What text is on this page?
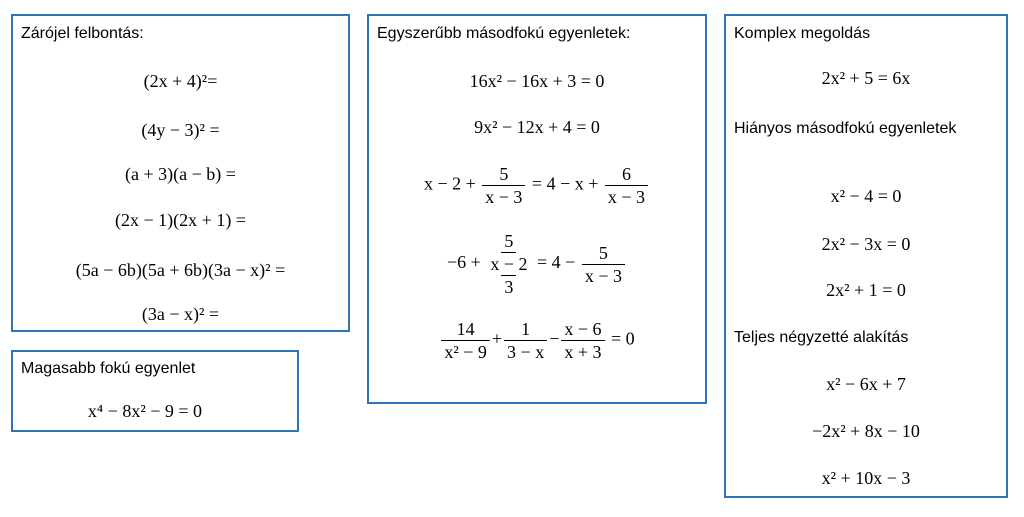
Zárójel felbontás:
(2x + 4)²=
(4y − 3)² =
(a + 3)(a − b) =
(2x − 1)(2x + 1) =
(5a − 6b)(5a + 6b)(3a − x)² =
(3a − x)² =
Magasabb fokú egyenlet
x⁴ − 8x² − 9 = 0
Egyszerűbb másodfokú egyenletek:
16x² − 16x + 3 = 0
9x² − 12x + 4 = 0
$x - 2 + \frac{5}{x - 3} = 4 - x + \frac{6}{x - 3}$
−6 +
5
x − 2
3
= $4 - \frac{5}{x - 3}$
$\frac{14}{\text{x² − 9}} + \frac{1}{3 - x} - \frac{x - 6}{x + 3} = 0$
Komplex megoldás
2x² + 5 = 6x
Hiányos másodfokú egyenletek
x² − 4 = 0
2x² − 3x = 0
2x² + 1 = 0
Teljes négyzetté alakítás
x² − 6x + 7
−2x² + 8x − 10
x² + 10x − 3
